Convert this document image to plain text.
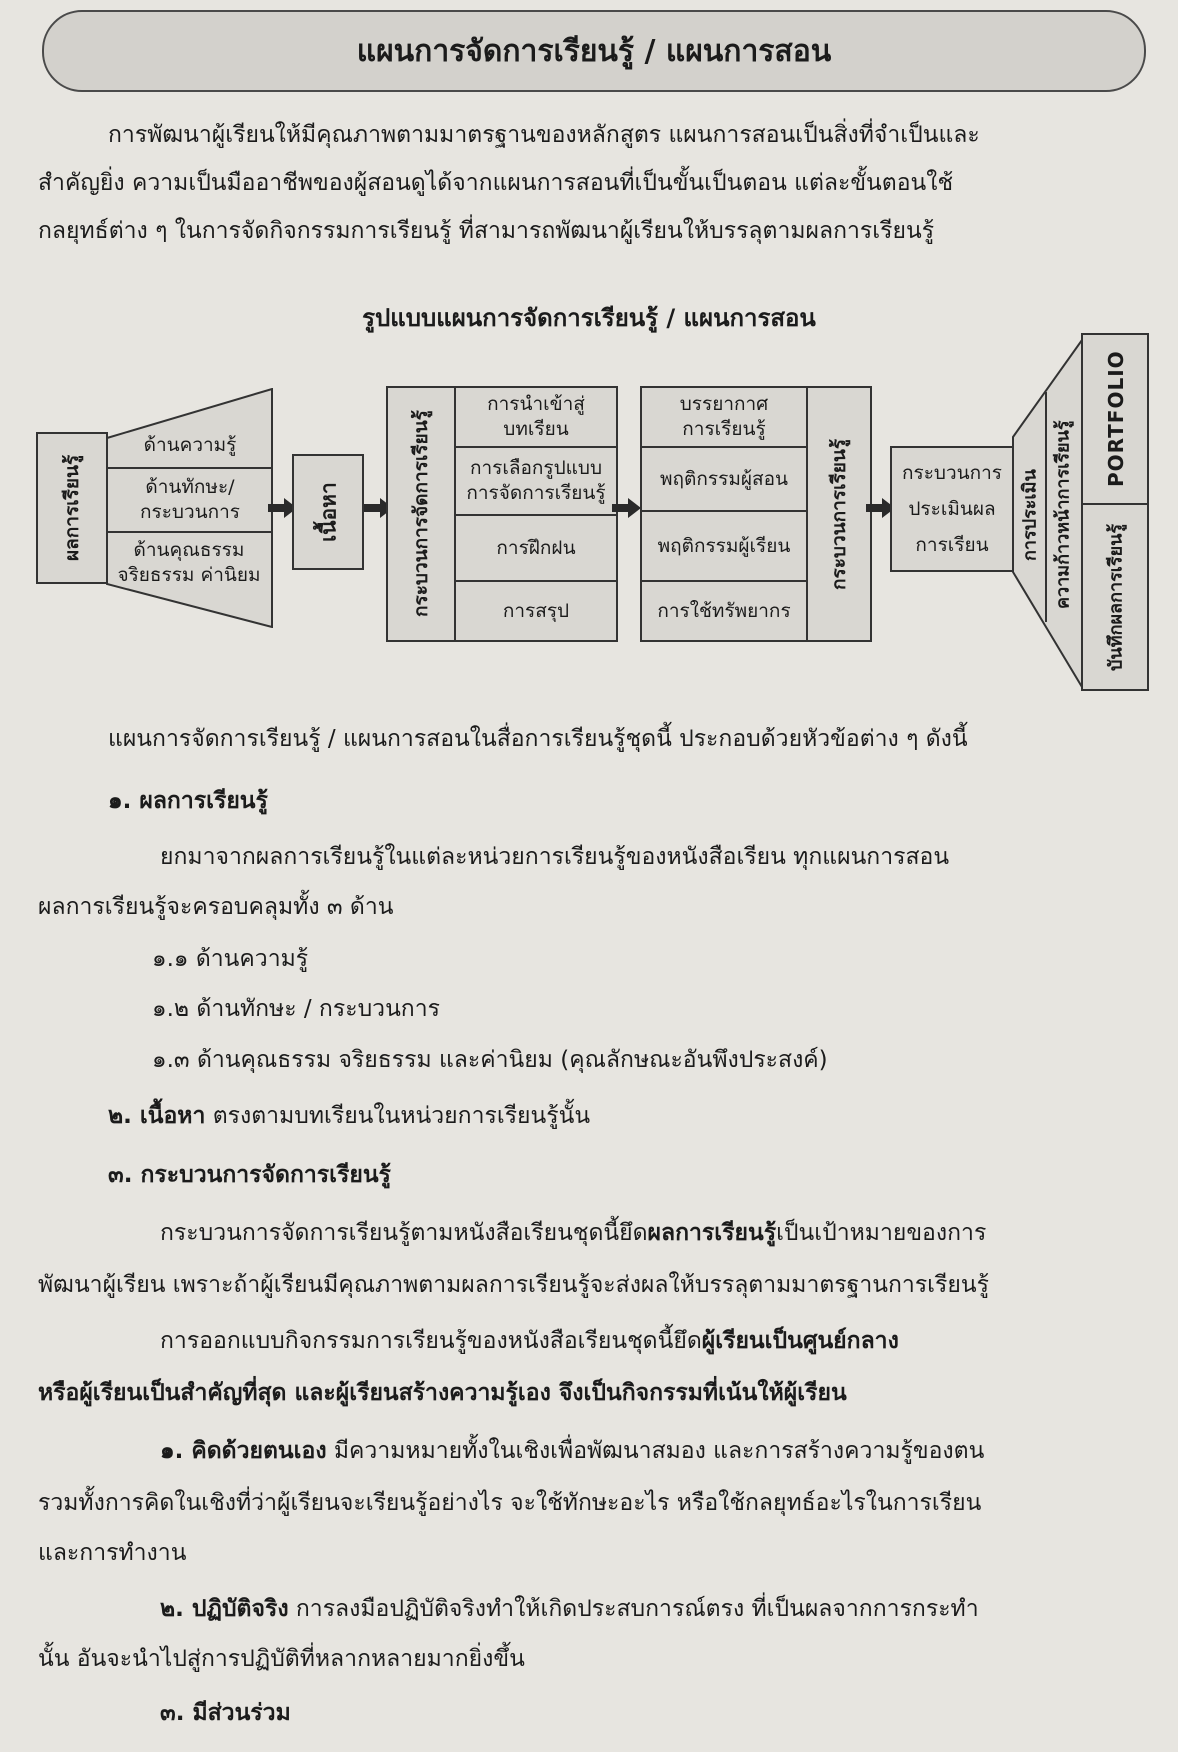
แผนการจัดการเรียนรู้ / แผนการสอน
การพัฒนาผู้เรียนให้มีคุณภาพตามมาตรฐานของหลักสูตร แผนการสอนเป็นสิ่งที่จำเป็นและ
สำคัญยิ่ง ความเป็นมืออาชีพของผู้สอนดูได้จากแผนการสอนที่เป็นขั้นเป็นตอน แต่ละขั้นตอนใช้
กลยุทธ์ต่าง ๆ ในการจัดกิจกรรมการเรียนรู้ ที่สามารถพัฒนาผู้เรียนให้บรรลุตามผลการเรียนรู้
รูปแบบแผนการจัดการเรียนรู้ / แผนการสอน
ผลการเรียนรู้
ด้านความรู้
ด้านทักษะ/
กระบวนการ
ด้านคุณธรรม
จริยธรรม ค่านิยม
เนื้อหา	กระบวนการจัดการเรียนรู้
การนำเข้าสู่
บทเรียน
การเลือกรูปแบบ
การจัดการเรียนรู้
การฝึกฝน
การสรุป
บรรยากาศ
การเรียนรู้
พฤติกรรมผู้สอน
พฤติกรรมผู้เรียน
การใช้ทรัพยากร
กระบวนการเรียนรู้	กระบวนการ
ประเมินผล
การเรียน	การประเมิน ความก้าวหน้าการเรียนรู้
PORTFOLIO
บันทึกผลการเรียนรู้
แผนการจัดการเรียนรู้ / แผนการสอนในสื่อการเรียนรู้ชุดนี้ ประกอบด้วยหัวข้อต่าง ๆ ดังนี้
๑. ผลการเรียนรู้
ยกมาจากผลการเรียนรู้ในแต่ละหน่วยการเรียนรู้ของหนังสือเรียน ทุกแผนการสอน
ผลการเรียนรู้จะครอบคลุมทั้ง ๓ ด้าน
๑.๑ ด้านความรู้
๑.๒ ด้านทักษะ / กระบวนการ
๑.๓ ด้านคุณธรรม จริยธรรม และค่านิยม (คุณลักษณะอันพึงประสงค์)
๒. เนื้อหา ตรงตามบทเรียนในหน่วยการเรียนรู้นั้น
๓. กระบวนการจัดการเรียนรู้
กระบวนการจัดการเรียนรู้ตามหนังสือเรียนชุดนี้ยึดผลการเรียนรู้เป็นเป้าหมายของการ
พัฒนาผู้เรียน เพราะถ้าผู้เรียนมีคุณภาพตามผลการเรียนรู้จะส่งผลให้บรรลุตามมาตรฐานการเรียนรู้
การออกแบบกิจกรรมการเรียนรู้ของหนังสือเรียนชุดนี้ยึดผู้เรียนเป็นศูนย์กลาง
หรือผู้เรียนเป็นสำคัญที่สุด และผู้เรียนสร้างความรู้เอง จึงเป็นกิจกรรมที่เน้นให้ผู้เรียน
๑. คิดด้วยตนเอง มีความหมายทั้งในเชิงเพื่อพัฒนาสมอง และการสร้างความรู้ของตน
รวมทั้งการคิดในเชิงที่ว่าผู้เรียนจะเรียนรู้อย่างไร จะใช้ทักษะอะไร หรือใช้กลยุทธ์อะไรในการเรียน
และการทำงาน
๒. ปฏิบัติจริง การลงมือปฏิบัติจริงทำให้เกิดประสบการณ์ตรง ที่เป็นผลจากการกระทำ
นั้น อันจะนำไปสู่การปฏิบัติที่หลากหลายมากยิ่งขึ้น
๓. มีส่วนร่วม
